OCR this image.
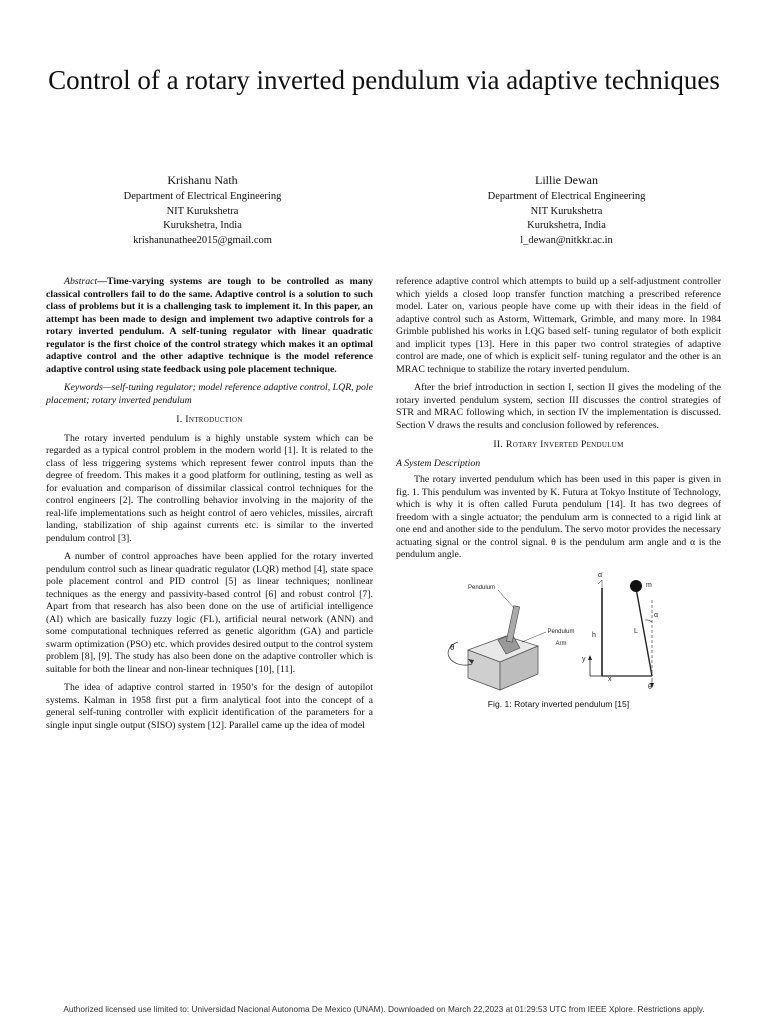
Control of a rotary inverted pendulum via adaptive techniques
Krishanu Nath
Department of Electrical Engineering
NIT Kurukshetra
Kurukshetra, India
krishanunathee2015@gmail.com
Lillie Dewan
Department of Electrical Engineering
NIT Kurukshetra
Kurukshetra, India
l_dewan@nitkkr.ac.in

Abstract—Time-varying systems are tough to be controlled as many classical controllers fail to do the same. Adaptive control is a solution to such class of problems but it is a challenging task to implement it. In this paper, an attempt has been made to design and implement two adaptive controls for a rotary inverted pendulum. A self-tuning regulator with linear quadratic regulator is the first choice of the control strategy which makes it an optimal adaptive control and the other adaptive technique is the model reference adaptive control using state feedback using pole placement technique.

Keywords—self-tuning regulator; model reference adaptive control, LQR, pole placement; rotary inverted pendulum

I. Introduction

The rotary inverted pendulum is a highly unstable system which can be regarded as a typical control problem in the modern world [1]. It is related to the class of less triggering systems which represent fewer control inputs than the degree of freedom. This makes it a good platform for outlining, testing as well as for evaluation and comparison of dissimilar classical control techniques for the control engineers [2]. The controlling behavior involving in the majority of the real-life implementations such as height control of aero vehicles, missiles, aircraft landing, stabilization of ship against currents etc. is similar to the inverted pendulum control [3].

A number of control approaches have been applied for the rotary inverted pendulum control such as linear quadratic regulator (LQR) method [4], state space pole placement control and PID control [5] as linear techniques; nonlinear techniques as the energy and passivity-based control [6] and robust control [7]. Apart from that research has also been done on the use of artificial intelligence (AI) which are basically fuzzy logic (FL), artificial neural network (ANN) and some computational techniques referred as genetic algorithm (GA) and particle swarm optimization (PSO) etc. which provides desired output to the control system problem [8], [9]. The study has also been done on the adaptive controller which is suitable for both the linear and non-linear techniques [10], [11].

The idea of adaptive control started in 1950’s for the design of autopilot systems. Kalman in 1958 first put a firm analytical foot into the concept of a general self-tuning controller with explicit identification of the parameters for a single input single output (SISO) system [12]. Parallel came up the idea of model

reference adaptive control which attempts to build up a self-adjustment controller which yields a closed loop transfer function matching a prescribed reference model. Later on, various people have come up with their ideas in the field of adaptive control such as Astorm, Wittemark, Grimble, and many more. In 1984 Grimble published his works in LQG based self- tuning regulator of both explicit and implicit types [13]. Here in this paper two control strategies of adaptive control are made, one of which is explicit self- tuning regulator and the other is an MRAC technique to stabilize the rotary inverted pendulum.

After the brief introduction in section I, section II gives the modeling of the rotary inverted pendulum system, section III discusses the control strategies of STR and MRAC following which, in section IV the implementation is discussed. Section V draws the results and conclusion followed by references.

II. Rotary Inverted Pendulum
A System Description

The rotary inverted pendulum which has been used in this paper is given in fig. 1. This pendulum was invented by K. Futura at Tokyo Institute of Technology, which is why it is often called Furuta pendulum [14]. It has two degrees of freedom with a single actuator; the pendulum arm is connected to a rigid link at one end and another side to the pendulum. The servo motor provides the necessary actuating signal or the control signal. θ is the pendulum arm angle and α is the pendulum angle.

Pendulum
Pendulum Arm
θ
m
h
L
α
x
y
α̇
θ̇
Fig. 1: Rotary inverted pendulum [15]
Authorized licensed use limited to: Universidad Nacional Autonoma De Mexico (UNAM). Downloaded on March 22,2023 at 01:29:53 UTC from IEEE Xplore. Restrictions apply.
